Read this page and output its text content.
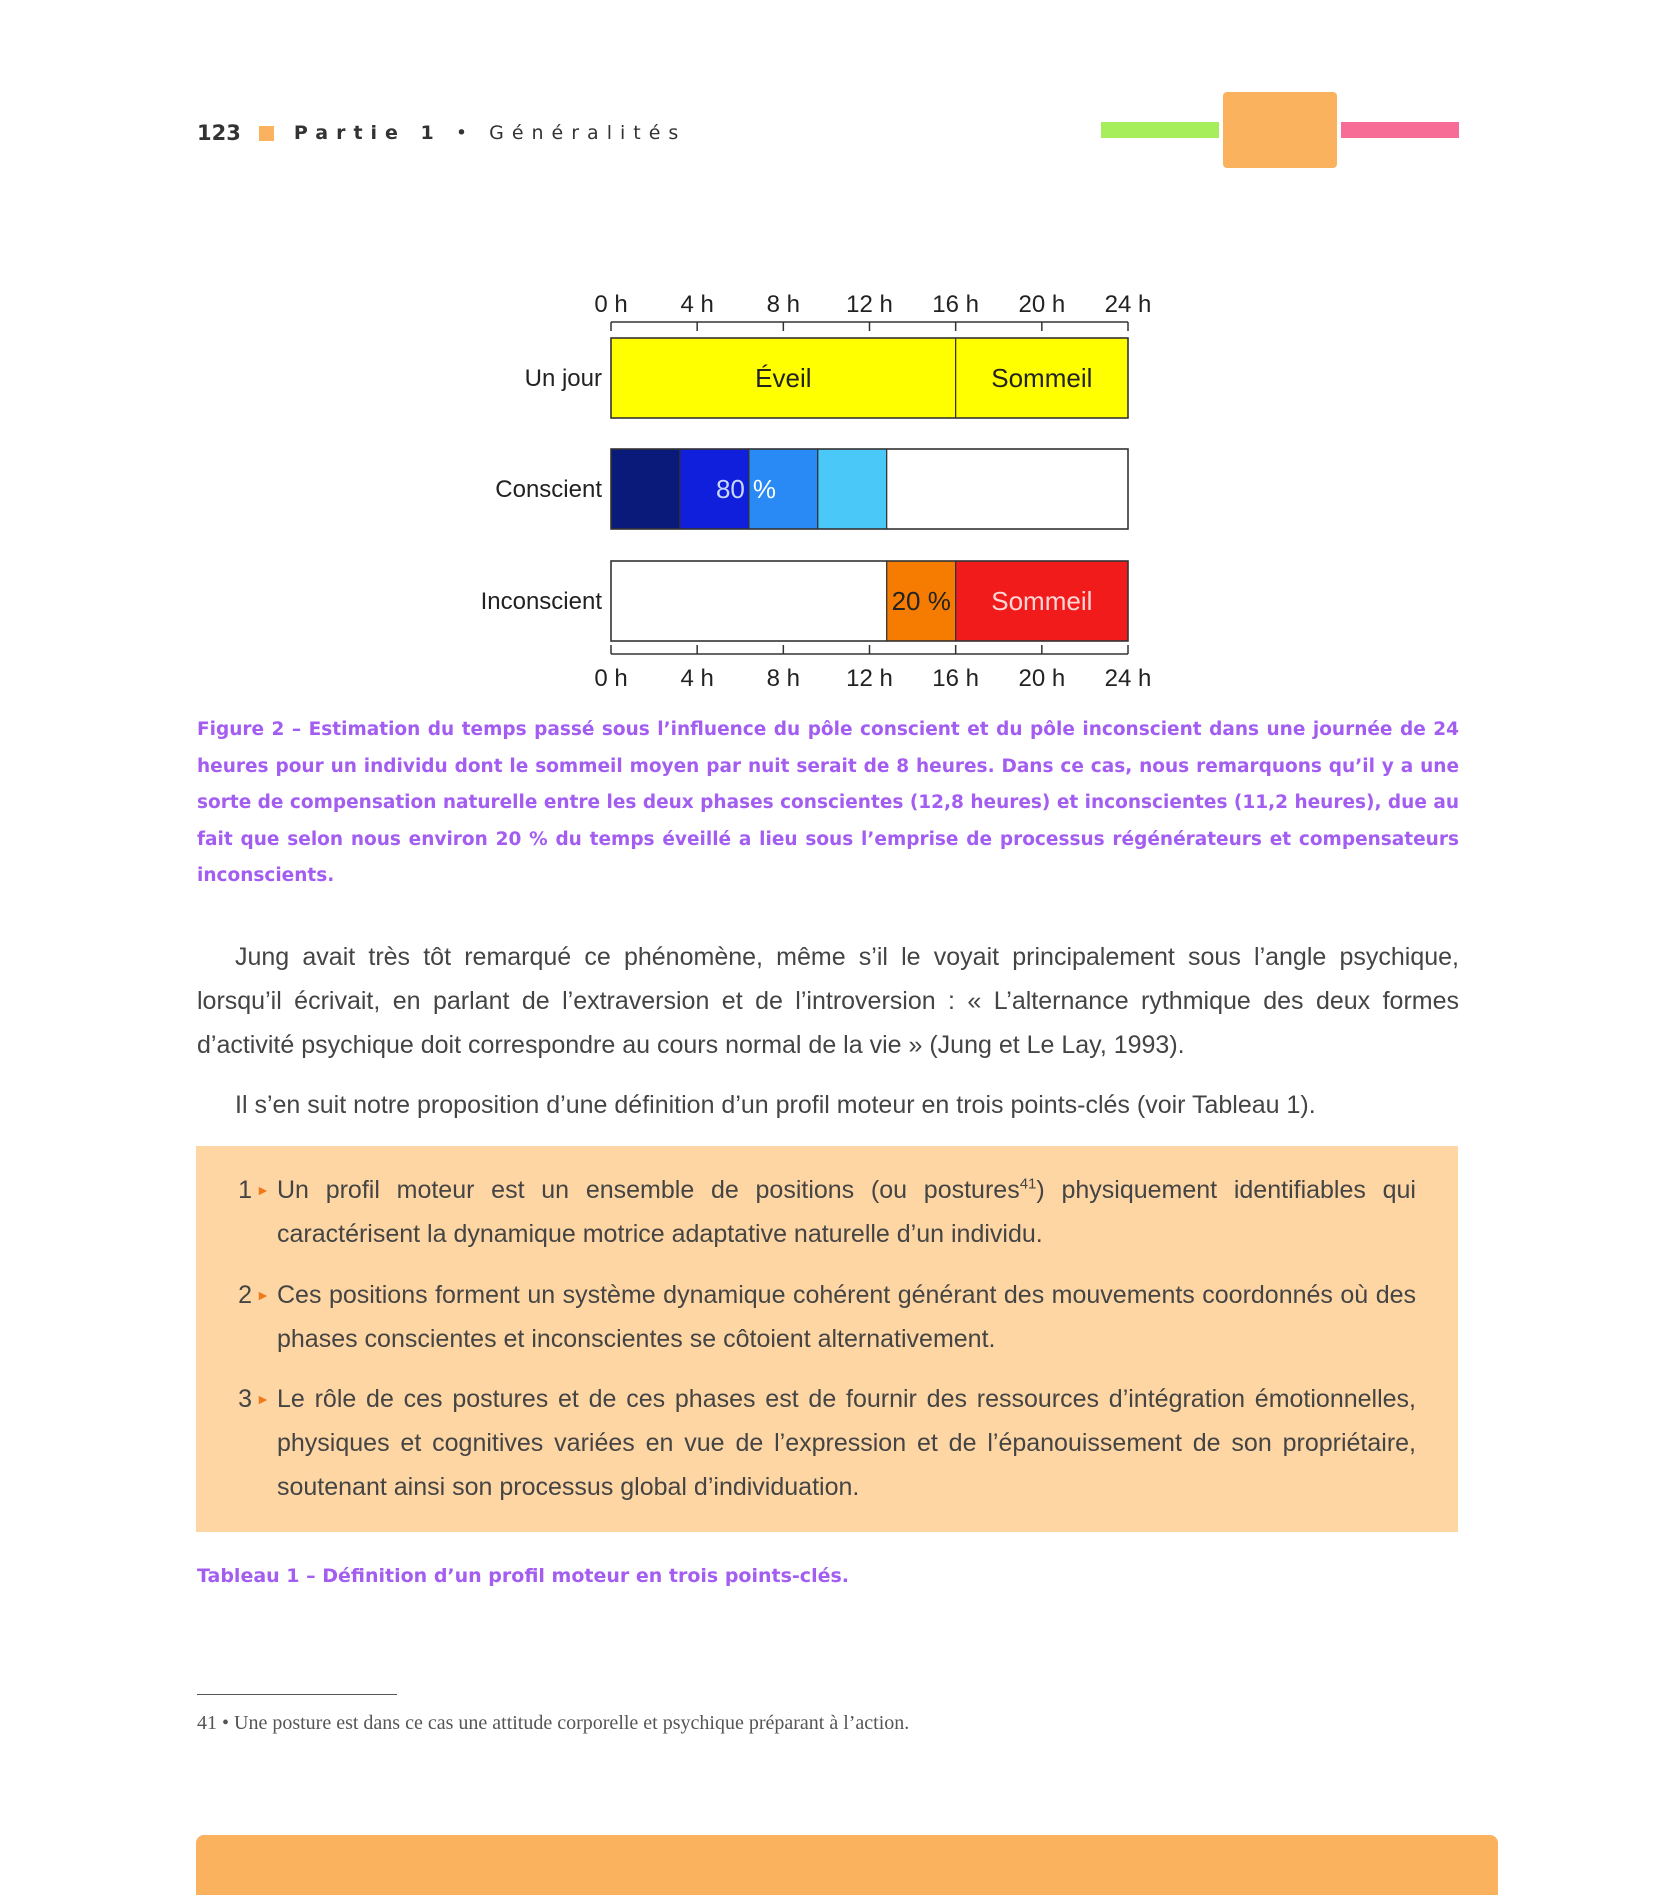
123	Partie 1 • Généralités
0 h 4 h 8 h 12 h 16 h 20 h 24 h
0 h 4 h 8 h 12 h 16 h 20 h 24 h
Un jour	Éveil	Sommeil
Conscient	80 %
Inconscient	20 % Sommeil
Figure 2 – Estimation du temps passé sous l’influence du pôle conscient et du pôle inconscient dans une journée de 24 heures pour un individu dont le sommeil moyen par nuit serait de 8 heures. Dans ce cas, nous remarquons qu’il y a une sorte de compensation naturelle entre les deux phases conscientes (12,8 heures) et inconscientes (11,2 heures), due au fait que selon nous environ 20 % du temps éveillé a lieu sous l’emprise de processus régénérateurs et compensateurs inconscients.
Jung avait très tôt remarqué ce phénomène, même s’il le voyait principalement sous l’angle psychique, lorsqu’il écrivait, en parlant de l’extraversion et de l’introversion : « L’alternance rythmique des deux formes d’activité psychique doit correspondre au cours normal de la vie » (Jung et Le Lay, 1993).
Il s’en suit notre proposition d’une définition d’un profil moteur en trois points-clés (voir Tableau 1).
1 ► Un profil moteur est un ensemble de positions (ou postures$^{41}$) physiquement identifiables qui caractérisent la dynamique motrice adaptative naturelle d’un individu.
2 ► Ces positions forment un système dynamique cohérent générant des mouvements coordonnés où des phases conscientes et inconscientes se côtoient alternativement.
3 ► Le rôle de ces postures et de ces phases est de fournir des ressources d’intégration émotionnelles, physiques et cognitives variées en vue de l’expression et de l’épanouissement de son propriétaire, soutenant ainsi son processus global d’individuation.
Tableau 1 – Définition d’un profil moteur en trois points-clés.
41 • Une posture est dans ce cas une attitude corporelle et psychique préparant à l’action.
